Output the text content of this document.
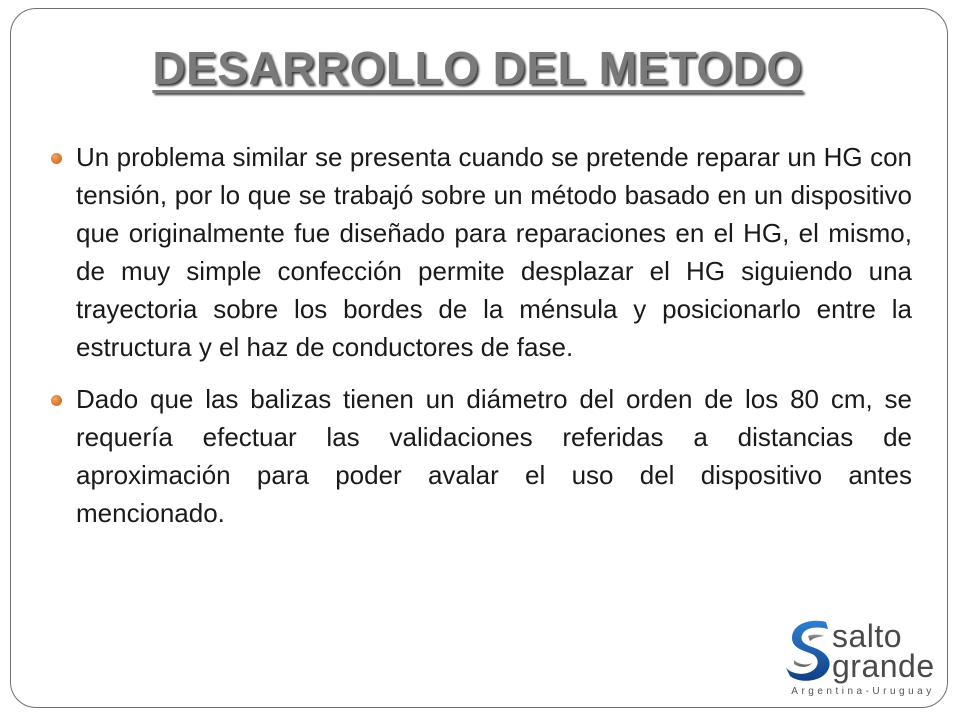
DESARROLLO DEL METODO
Un problema similar se presenta cuando se pretende reparar un HG con tensión, por lo que se trabajó sobre un método basado en un dispositivo que originalmente fue diseñado para reparaciones en el HG, el mismo, de muy simple confección permite desplazar el HG siguiendo una trayectoria sobre los bordes de la ménsula y posicionarlo entre la estructura y el haz de conductores de fase.
Dado que las balizas tienen un diámetro del orden de los 80 cm, se requería efectuar las validaciones referidas a distancias de aproximación para poder avalar el uso del dispositivo antes mencionado.
salto
grande
Argentina-Uruguay
